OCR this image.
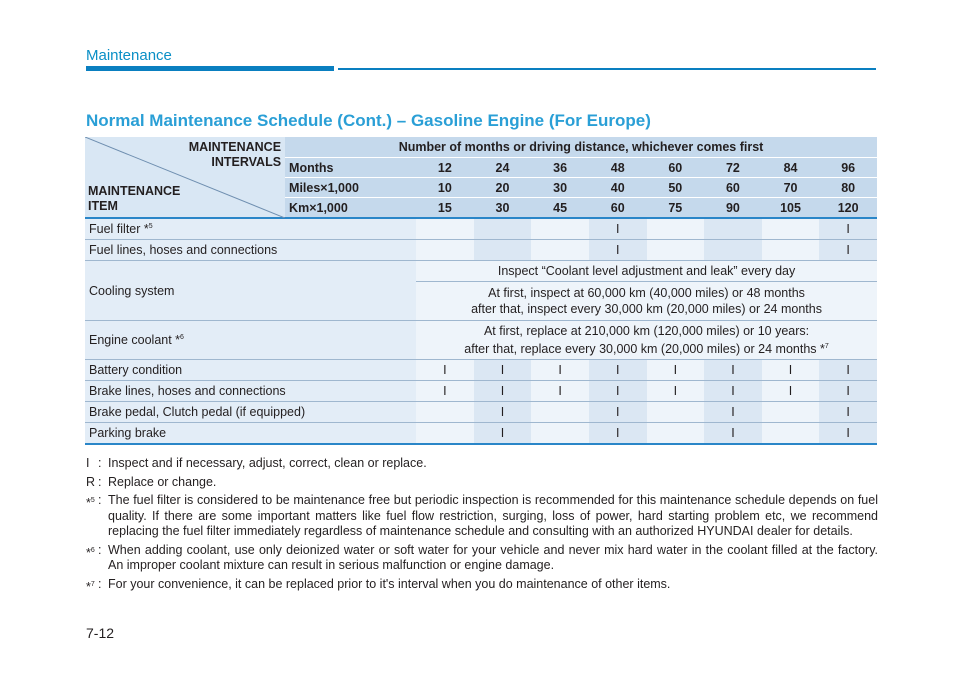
Maintenance
Normal Maintenance Schedule (Cont.) – Gasoline Engine (For Europe)
MAINTENANCE
INTERVALS
MAINTENANCE
ITEM	Number of months or driving distance, whichever comes first								
	Months	12	24	36	48	60	72	84	96
	Miles×1,000	10	20	30	40	50	60	70	80
	Km×1,000	15	30	45	60	75	90	105	120
Fuel filter *$^5$					I				I
Fuel lines, hoses and connections					I				I
Cooling system		Inspect “Coolant level adjustment and leak” every day							

		At first, inspect at 60,000 km (40,000 miles) or 48 months
after that, inspect every 30,000 km (20,000 miles) or 24 months							

Engine coolant *$^6$		At first, replace at 210,000 km (120,000 miles) or 10 years:
after that, replace every 30,000 km (20,000 miles) or 24 months *$^7$

Battery condition		I	I	I	I	I	I	I	I
Brake lines, hoses and connections		I	I	I	I	I	I	I	I
Brake pedal, Clutch pedal (if equipped)			I		I		I		I
Parking brake			I		I		I		I
I : Inspect and if necessary, adjust, correct, clean or replace.
R : Replace or change.
*$^5$ : The fuel filter is considered to be maintenance free but periodic inspection is recommended for this maintenance schedule depends on fuel quality. If there are some important matters like fuel flow restriction, surging, loss of power, hard starting problem etc, we recommend replacing the fuel filter immediately regardless of maintenance schedule and consulting with an authorized HYUNDAI dealer for details.
*$^6$ : When adding coolant, use only deionized water or soft water for your vehicle and never mix hard water in the coolant filled at the factory. An improper coolant mixture can result in serious malfunction or engine damage.
*$^7$ : For your convenience, it can be replaced prior to it's interval when you do maintenance of other items.
7-12
